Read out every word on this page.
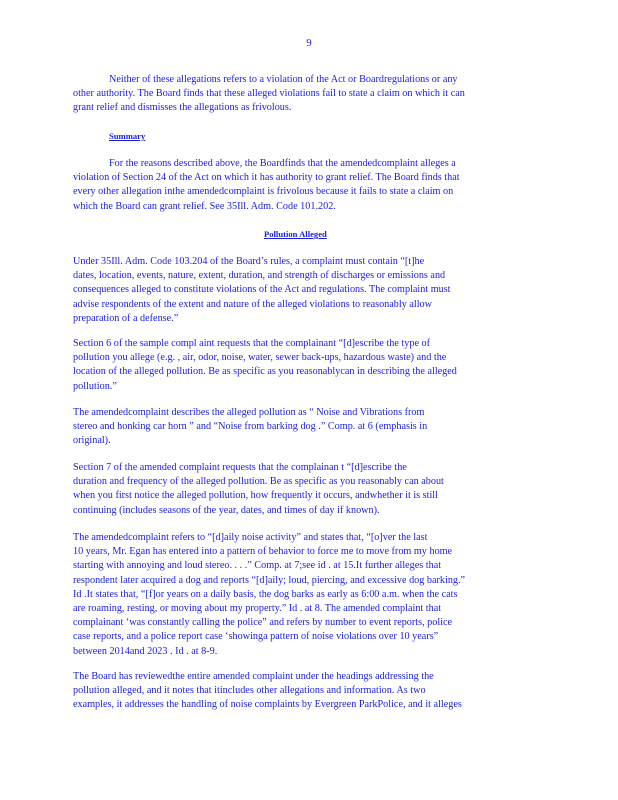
9
Neither of these allegations refers to a violation of the Act or Boardregulations or any
other authority. The Board finds that these alleged violations fail to state a claim on which it can
grant relief and dismisses the allegations as frivolous.
Summary
For the reasons described above, the Boardfinds that the amendedcomplaint alleges a
violation of Section 24 of the Act on which it has authority to grant relief. The Board finds that
every other allegation inthe amendedcomplaint is frivolous because it fails to state a claim on
which the Board can grant relief. See 35Ill. Adm. Code 101.202.
Pollution Alleged
Under 35Ill. Adm. Code 103.204 of the Board’s rules, a complaint must contain “[t]he
dates, location, events, nature, extent, duration, and strength of discharges or emissions and
consequences alleged to constitute violations of the Act and regulations. The complaint must
advise respondents of the extent and nature of the alleged violations to reasonably allow
preparation of a defense.”
Section 6 of the sample compl aint requests that the complainant “[d]escribe the type of
pollution you allege (e.g. , air, odor, noise, water, sewer back-ups, hazardous waste) and the
location of the alleged pollution. Be as specific as you reasonablycan in describing the alleged
pollution.”
The amendedcomplaint describes the alleged pollution as “ Noise and Vibrations from
stereo and honking car horn ” and “Noise from barking dog .” Comp. at 6 (emphasis in
original).
Section 7 of the amended complaint requests that the complainan t “[d]escribe the
duration and frequency of the alleged pollution. Be as specific as you reasonably can about
when you first notice the alleged pollution, how frequently it occurs, andwhether it is still
continuing (includes seasons of the year, dates, and times of day if known).
The amendedcomplaint refers to “[d]aily noise activity” and states that, “[o]ver the last
10 years, Mr. Egan has entered into a pattern of behavior to force me to move from my home
starting with annoying and loud stereo. . . .” Comp. at 7;see id . at 15.It further alleges that
respondent later acquired a dog and reports “[d]aily; loud, piercing, and excessive dog barking.”
Id .It states that, “[f]or years on a daily basis, the dog barks as early as 6:00 a.m. when the cats
are roaming, resting, or moving about my property.” Id . at 8. The amended complaint that
complainant ‘was constantly calling the police” and refers by number to event reports, police
case reports, and a police report case ‘showinga pattern of noise violations over 10 years”
between 2014and 2023 . Id . at 8-9.
The Board has reviewedthe entire amended complaint under the headings addressing the
pollution alleged, and it notes that itincludes other allegations and information. As two
examples, it addresses the handling of noise complaints by Evergreen ParkPolice, and it alleges
